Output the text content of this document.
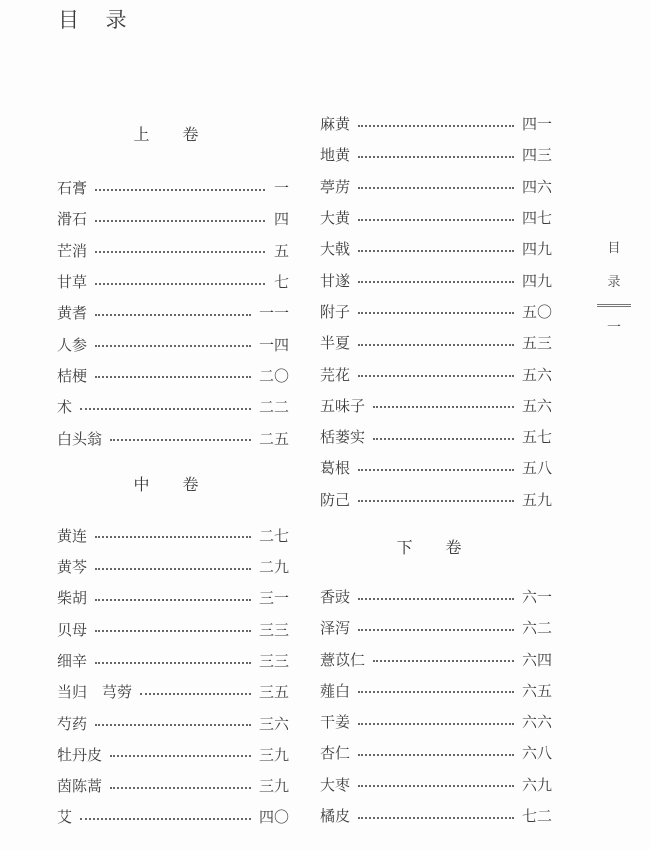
目 录
上 卷
石膏	一
滑石	四
芒消	五
甘草	七
黄耆	一一
人参	一四
桔梗	二〇
术	二二
白头翁	二五
中 卷
黄连	二七
黄芩	二九
柴胡	三一
贝母	三三
细辛	三三
当归　芎䓖	三五
芍药	三六
牡丹皮	三九
茵陈蒿	三九
艾	四〇
麻黄	四一
地黄	四三
葶苈	四六
大黄	四七
大戟	四九
甘遂	四九
附子	五〇
半夏	五三
芫花	五六
五味子	五六
栝蒌实	五七
葛根	五八
防己	五九
下 卷
香豉	六一
泽泻	六二
薏苡仁	六四
薤白	六五
干姜	六六
杏仁	六八
大枣	六九
橘皮	七二
目
录
一
